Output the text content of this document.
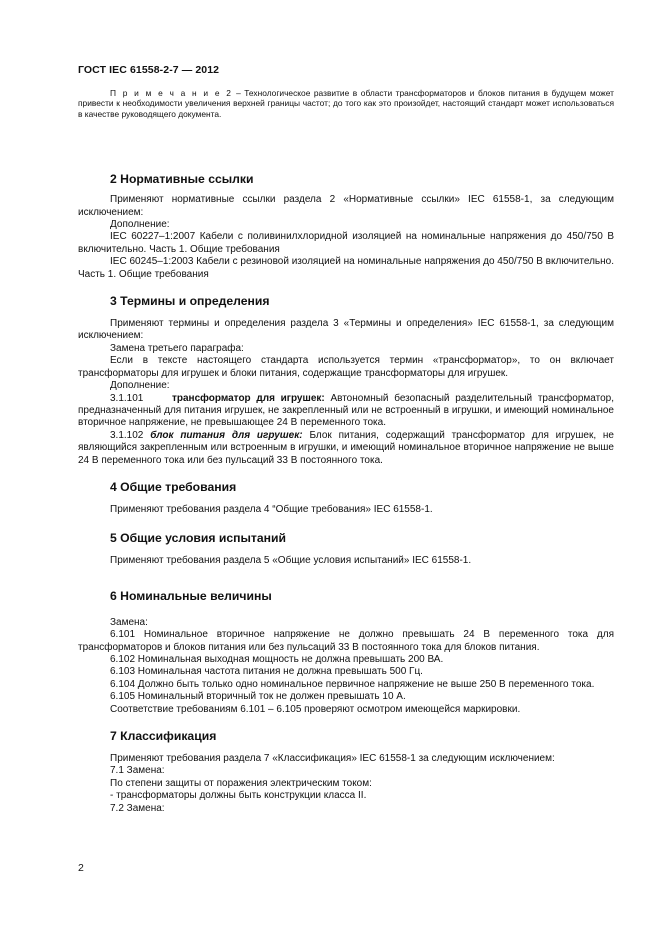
ГОСТ IEC 61558-2-7 — 2012

П р и м е ч а н и е 2 – Технологическое развитие в области трансформаторов и блоков питания в будущем может привести к необходимости увеличения верхней границы частот; до того как это произойдет, настоящий стандарт может использоваться в качестве руководящего документа.

2 Нормативные ссылки

Применяют нормативные ссылки раздела 2 «Нормативные ссылки» IEC 61558-1, за следующим исключением:

Дополнение:

IEC 60227–1:2007 Кабели с поливинилхлоридной изоляцией на номинальные напряжения до 450/750 В включительно. Часть 1. Общие требования

IEC 60245–1:2003 Кабели с резиновой изоляцией на номинальные напряжения до 450/750 В включительно. Часть 1. Общие требования

3 Термины и определения

Применяют термины и определения раздела 3 «Термины и определения» IEC 61558-1, за следующим исключением:

Замена третьего параграфа:

Если в тексте настоящего стандарта используется термин «трансформатор», то он включает трансформаторы для игрушек и блоки питания, содержащие трансформаторы для игрушек.

Дополнение:

3.1.101	трансформатор для игрушек: Автономный безопасный разделительный трансформатор, предназначенный для питания игрушек, не закрепленный или не встроенный в игрушки, и имеющий номинальное вторичное напряжение, не превышающее 24 В переменного тока.

3.1.102 блок питания для игрушек: Блок питания, содержащий трансформатор для игрушек, не являющийся закрепленным или встроенным в игрушки, и имеющий номинальное вторичное напряжение не выше 24 В переменного тока или без пульсаций 33 В постоянного тока.

4 Общие требования

Применяют требования раздела 4 “Общие требования» IEC 61558-1.

5 Общие условия испытаний

Применяют требования раздела 5 «Общие условия испытаний» IEC 61558-1.

6 Номинальные величины

Замена:

6.101 Номинальное вторичное напряжение не должно превышать 24 В переменного тока для трансформаторов и блоков питания или без пульсаций 33 В постоянного тока для блоков питания.

6.102 Номинальная выходная мощность не должна превышать 200 ВА.

6.103 Номинальная частота питания не должна превышать 500 Гц.

6.104 Должно быть только одно номинальное первичное напряжение не выше 250 В переменного тока.

6.105 Номинальный вторичный ток не должен превышать 10 А.

Соответствие требованиям 6.101 – 6.105 проверяют осмотром имеющейся маркировки.

7 Классификация

Применяют требования раздела 7 «Классификация» IEC 61558-1 за следующим исключением:

7.1 Замена:

По степени защиты от поражения электрическим током:

- трансформаторы должны быть конструкции класса II.

7.2 Замена:

2
